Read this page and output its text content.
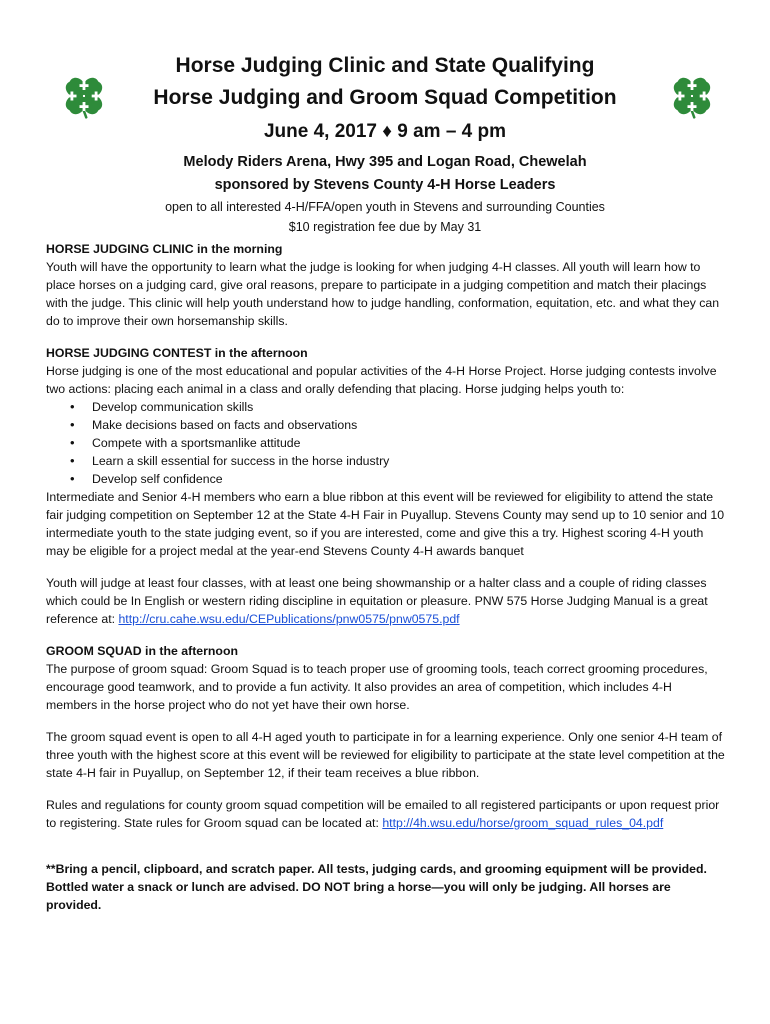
Horse Judging Clinic and State Qualifying

Horse Judging and Groom Squad Competition

June 4, 2017 ♦ 9 am – 4 pm

Melody Riders Arena, Hwy 395 and Logan Road, Chewelah

sponsored by Stevens County 4-H Horse Leaders

open to all interested 4-H/FFA/open youth in Stevens and surrounding Counties

$10 registration fee due by May 31

HORSE JUDGING CLINIC in the morning

Youth will have the opportunity to learn what the judge is looking for when judging 4-H classes. All youth will learn how to place horses on a judging card, give oral reasons, prepare to participate in a judging competition and match their placings with the judge. This clinic will help youth understand how to judge handling, conformation, equitation, etc. and what they can do to improve their own horsemanship skills.

HORSE JUDGING CONTEST in the afternoon

Horse judging is one of the most educational and popular activities of the 4-H Horse Project. Horse judging contests involve two actions: placing each animal in a class and orally defending that placing. Horse judging helps youth to:

• Develop communication skills
• Make decisions based on facts and observations
• Compete with a sportsmanlike attitude
• Learn a skill essential for success in the horse industry
• Develop self confidence

Intermediate and Senior 4-H members who earn a blue ribbon at this event will be reviewed for eligibility to attend the state fair judging competition on September 12 at the State 4-H Fair in Puyallup. Stevens County may send up to 10 senior and 10 intermediate youth to the state judging event, so if you are interested, come and give this a try. Highest scoring 4-H youth may be eligible for a project medal at the year-end Stevens County 4-H awards banquet

Youth will judge at least four classes, with at least one being showmanship or a halter class and a couple of riding classes which could be In English or western riding discipline in equitation or pleasure. PNW 575 Horse Judging Manual is a great reference at: http://cru.cahe.wsu.edu/CEPublications/pnw0575/pnw0575.pdf

GROOM SQUAD in the afternoon

The purpose of groom squad: Groom Squad is to teach proper use of grooming tools, teach correct grooming procedures, encourage good teamwork, and to provide a fun activity. It also provides an area of competition, which includes 4-H members in the horse project who do not yet have their own horse.

The groom squad event is open to all 4-H aged youth to participate in for a learning experience. Only one senior 4-H team of three youth with the highest score at this event will be reviewed for eligibility to participate at the state level competition at the state 4-H fair in Puyallup, on September 12, if their team receives a blue ribbon.

Rules and regulations for county groom squad competition will be emailed to all registered participants or upon request prior to registering. State rules for Groom squad can be located at: http://4h.wsu.edu/horse/groom_squad_rules_04.pdf

**Bring a pencil, clipboard, and scratch paper. All tests, judging cards, and grooming equipment will be provided. Bottled water a snack or lunch are advised. DO NOT bring a horse—you will only be judging. All horses are provided.
